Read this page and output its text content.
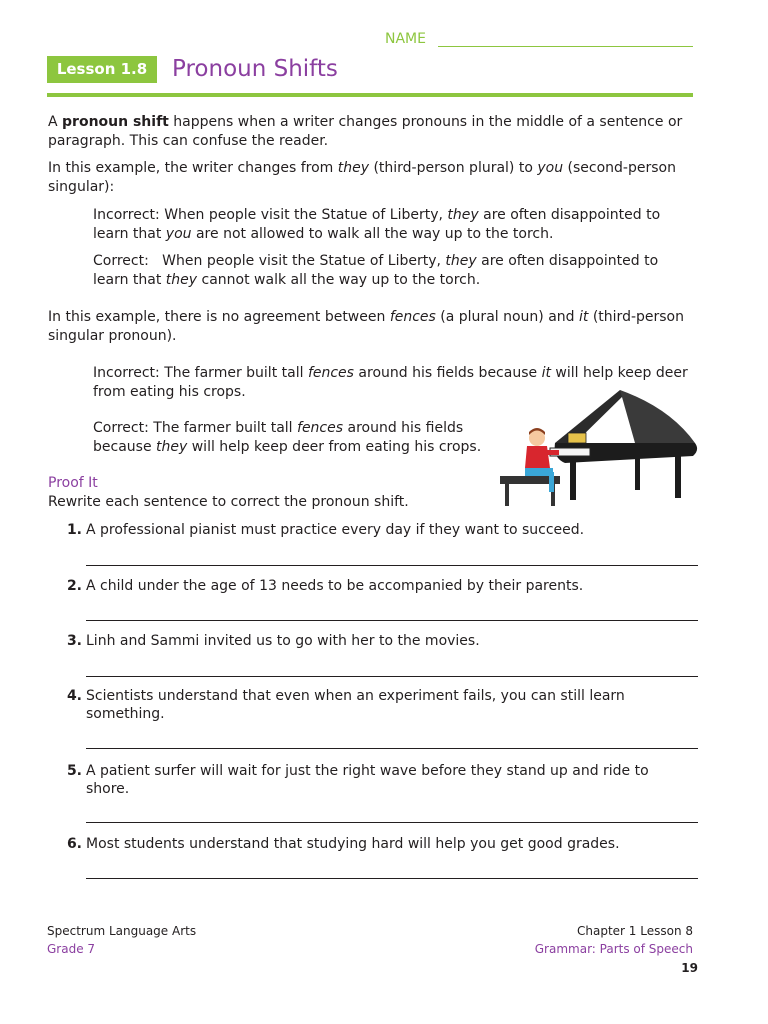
NAME
Lesson 1.8	Pronoun Shifts
A pronoun shift happens when a writer changes pronouns in the middle of a sentence or paragraph. This can confuse the reader.
In this example, the writer changes from they (third-person plural) to you (second-person singular):
Incorrect: When people visit the Statue of Liberty, they are often disappointed to learn that you are not allowed to walk all the way up to the torch.
Correct:   When people visit the Statue of Liberty, they are often disappointed to learn that they cannot walk all the way up to the torch.
In this example, there is no agreement between fences (a plural noun) and it (third-person singular pronoun).
Incorrect: The farmer built tall fences around his fields because it will help keep deer from eating his crops.
Correct: The farmer built tall fences around his fields because they will help keep deer from eating his crops.
Proof It
Rewrite each sentence to correct the pronoun shift.
1. A professional pianist must practice every day if they want to succeed.
2. A child under the age of 13 needs to be accompanied by their parents.
3. Linh and Sammi invited us to go with her to the movies.
4. Scientists understand that even when an experiment fails, you can still learn something.
5. A patient surfer will wait for just the right wave before they stand up and ride to shore.
6. Most students understand that studying hard will help you get good grades.
Spectrum Language Arts
Grade 7
Chapter 1 Lesson 8
Grammar: Parts of Speech
19
